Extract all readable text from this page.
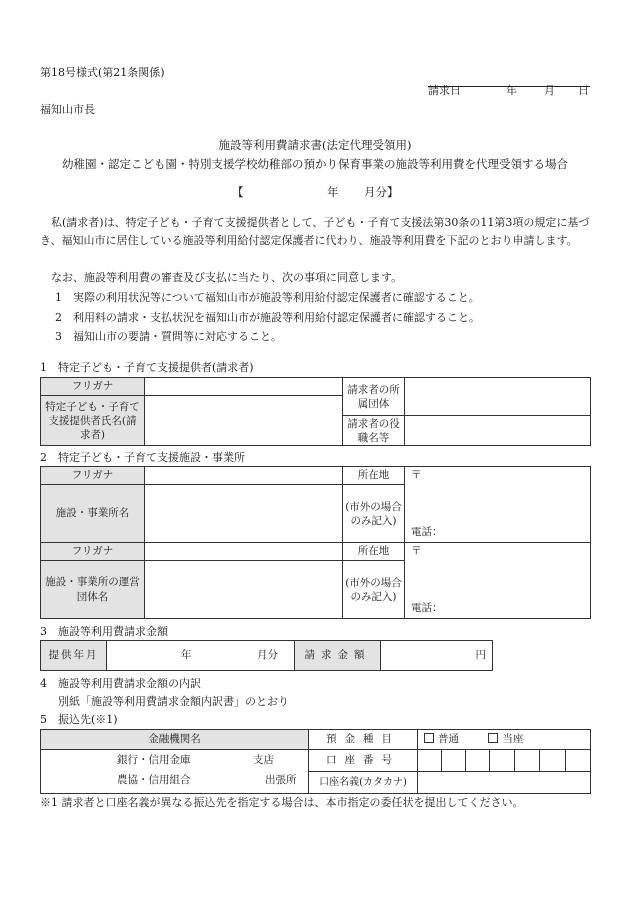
第18号様式(第21条関係)
請求日	年 月 日
福知山市長
施設等利用費請求書(法定代理受領用)
幼稚園・認定こども園・特別支援学校幼稚部の預かり保育事業の施設等利用費を代理受領する場合
【	年 月分】
私(請求者)は、特定子ども・子育て支援提供者として、子ども・子育て支援法第30条の11第3項の規定に基づき、福知山市に居住している施設等利用給付認定保護者に代わり、施設等利用費を下記のとおり申請します。
なお、施設等利用費の審査及び支払に当たり、次の事項に同意します。
1　実際の利用状況等について福知山市が施設等利用給付認定保護者に確認すること。
2　利用料の請求・支払状況を福知山市が施設等利用給付認定保護者に確認すること。
3　福知山市の要請・質問等に対応すること。
1　特定子ども・子育て支援提供者(請求者)
フリガナ		請求者の所属団体	
特定子ども・子育て支援提供者氏名(請求者)			
		請求者の役職名等	
2　特定子ども・子育て支援施設・事業所
フリガナ		所在地	〒
電話：

施設・事業所名		(市外の場合のみ記入)	
フリガナ		所在地	〒
電話：

施設・事業所の運営団体名		(市外の場合のみ記入)	
3　施設等利用費請求金額
提供年月	年	月分	請求金額	円
4　施設等利用費請求金額の内訳
別紙「施設等利用費請求金額内訳書」のとおり
5　振込先(※1)
金融機関名	預金種目	普通 当座						

銀行・信用金庫 支店
農協・信用組合 出張所	口座番号							
	口座名義(カタカナ)							
※1 請求者と口座名義が異なる振込先を指定する場合は、本市指定の委任状を提出してください。
